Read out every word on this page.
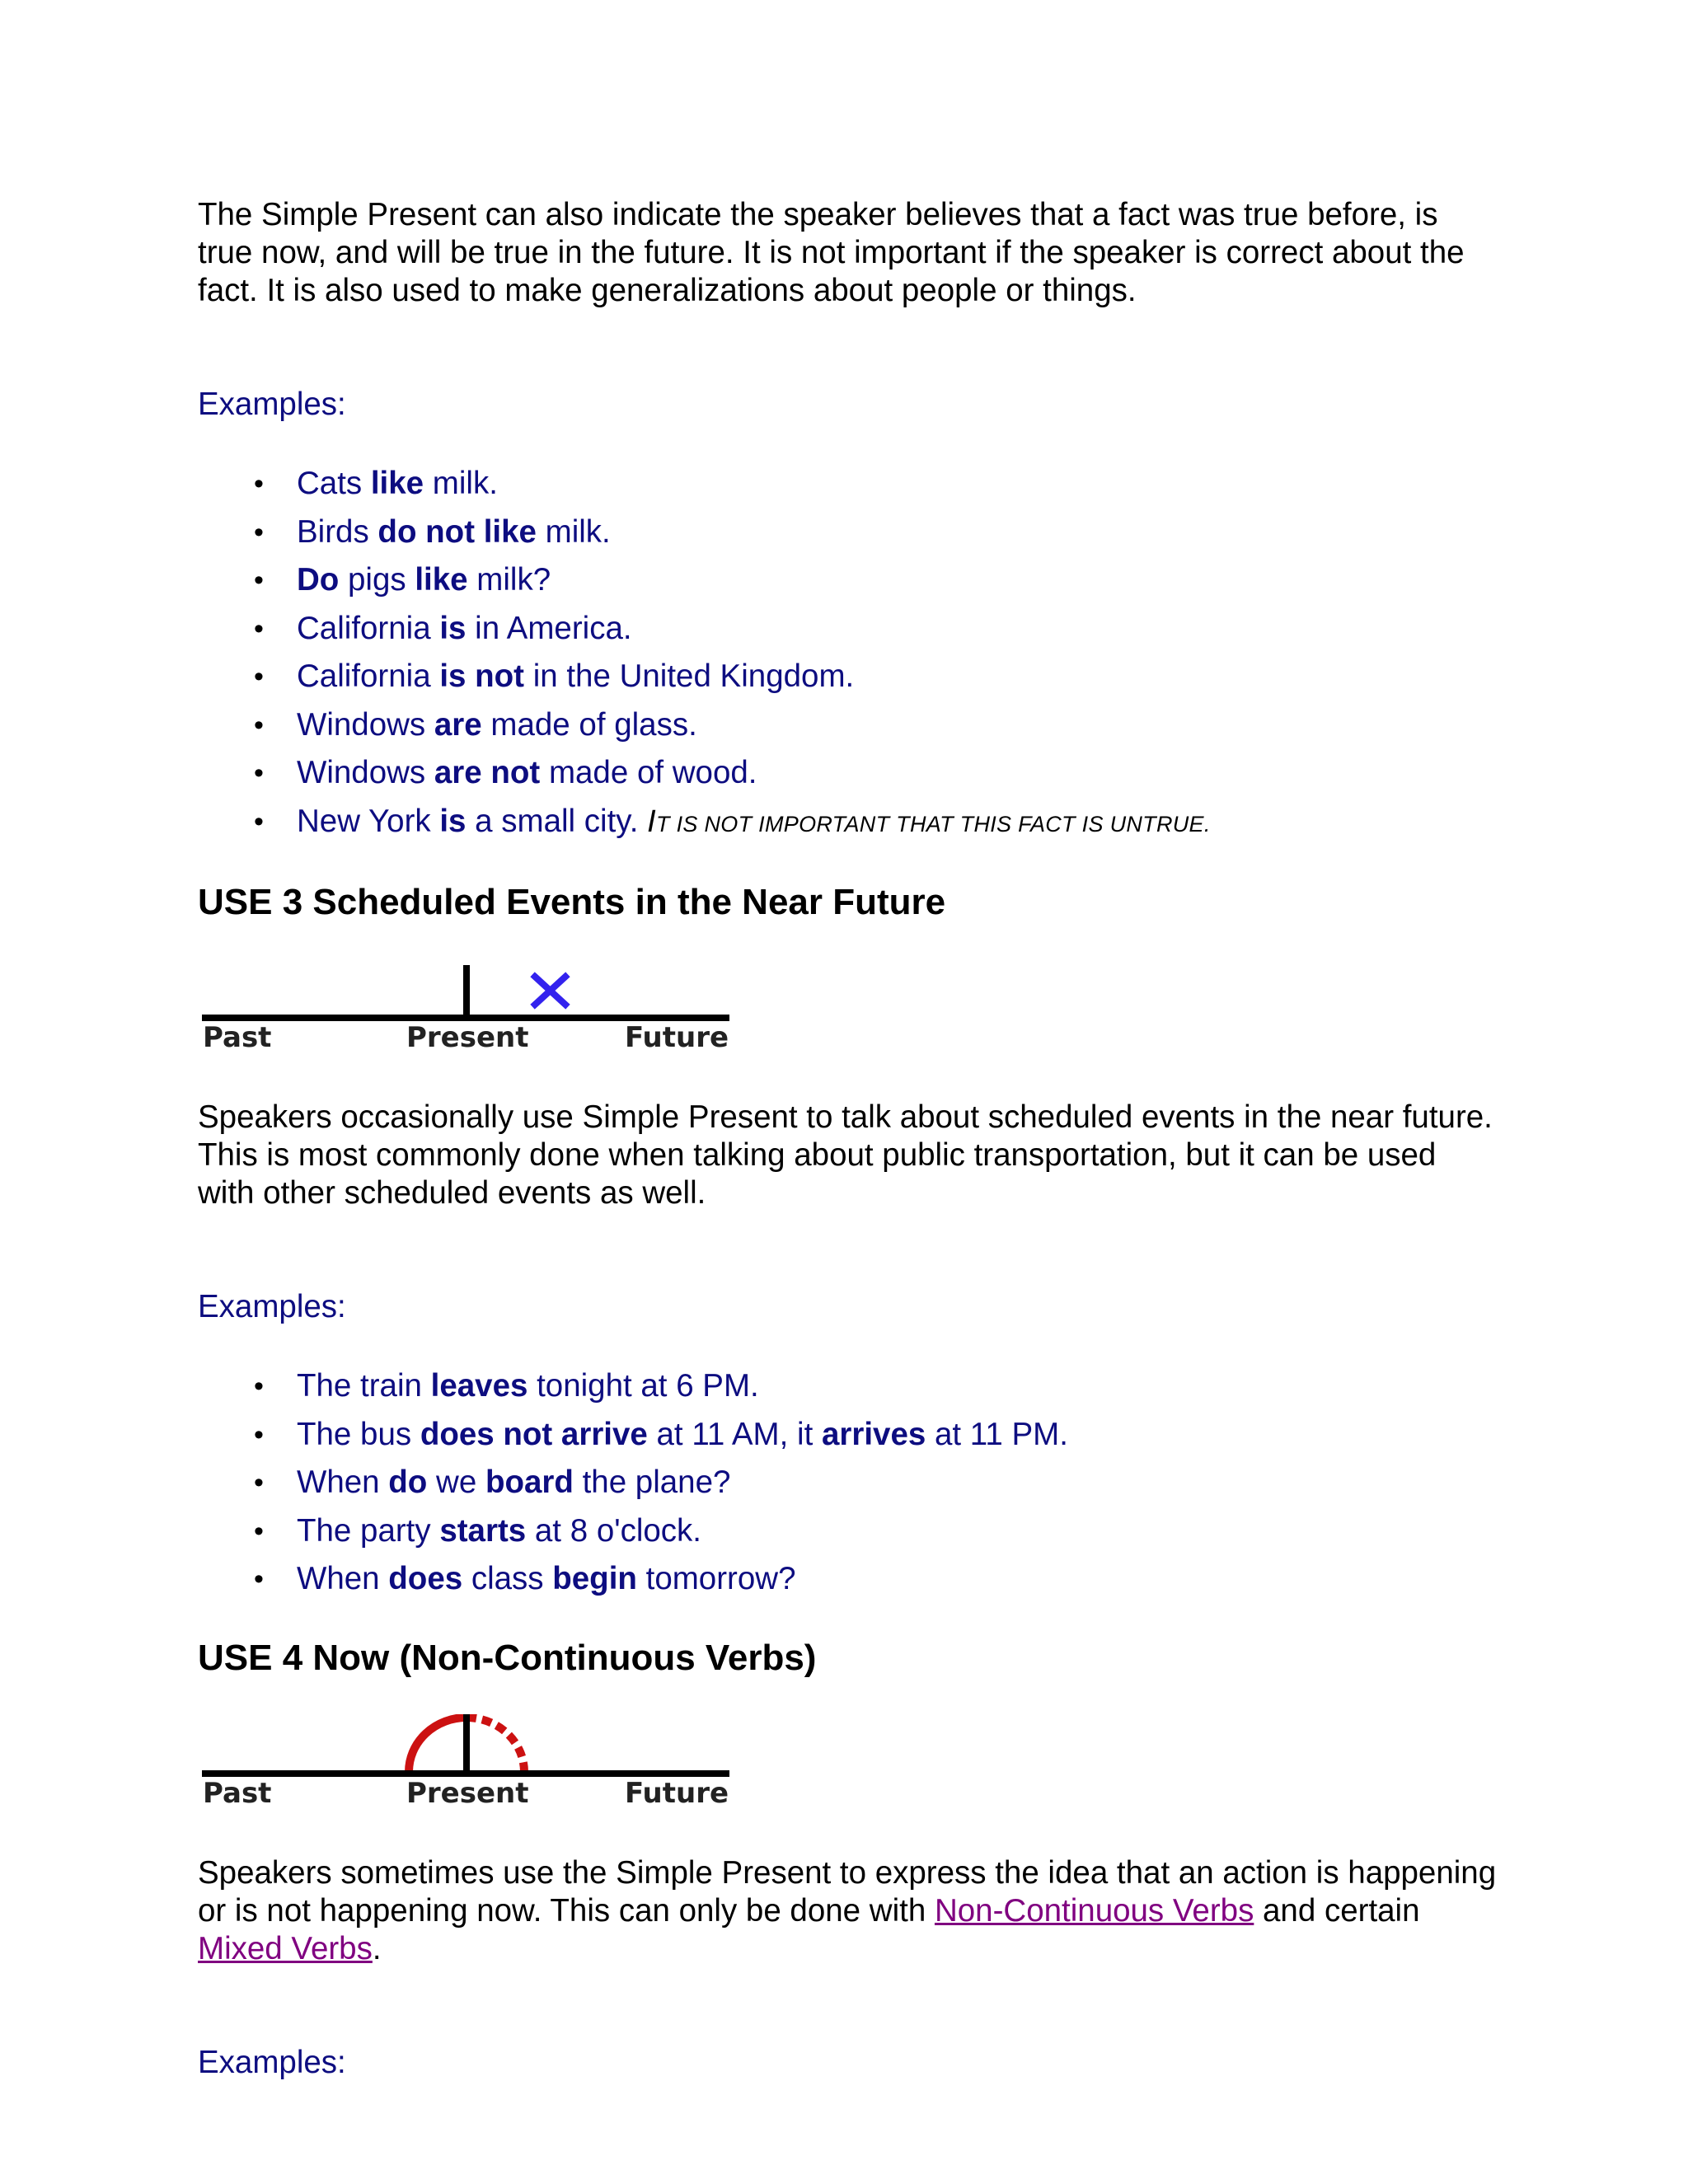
The Simple Present can also indicate the speaker believes that a fact was true before, is true now, and will be true in the future. It is not important if the speaker is correct about the fact. It is also used to make generalizations about people or things.

Examples:

• Cats like milk.
• Birds do not like milk.
• Do pigs like milk?
• California is in America.
• California is not in the United Kingdom.
• Windows are made of glass.
• Windows are not made of wood.
• New York is a small city. IT IS NOT IMPORTANT THAT THIS FACT IS UNTRUE.
USE 3 Scheduled Events in the Near Future
Past	Present	Future

Speakers occasionally use Simple Present to talk about scheduled events in the near future. This is most commonly done when talking about public transportation, but it can be used with other scheduled events as well.

Examples:

• The train leaves tonight at 6 PM.
• The bus does not arrive at 11 AM, it arrives at 11 PM.
• When do we board the plane?
• The party starts at 8 o'clock.
• When does class begin tomorrow?
USE 4 Now (Non-Continuous Verbs)
Past	Present	Future

Speakers sometimes use the Simple Present to express the idea that an action is happening or is not happening now. This can only be done with Non-Continuous Verbs and certain Mixed Verbs.

Examples:
